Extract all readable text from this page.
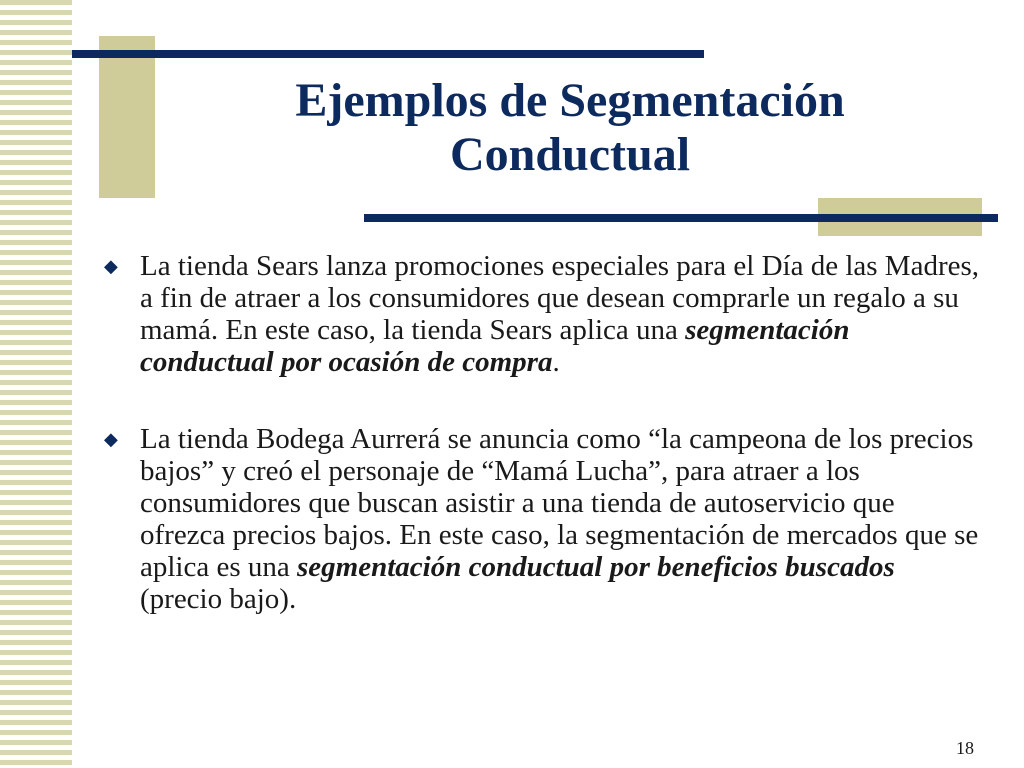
Ejemplos de Segmentación
Conductual
◆ La tienda Sears lanza promociones especiales para el Día de las Madres, a fin de atraer a los consumidores que desean comprarle un regalo a su mamá. En este caso, la tienda Sears aplica una segmentación conductual por ocasión de compra.
◆ La tienda Bodega Aurrerá se anuncia como “la campeona de los precios bajos” y creó el personaje de “Mamá Lucha”, para atraer a los consumidores que buscan asistir a una tienda de autoservicio que ofrezca precios bajos. En este caso, la segmentación de mercados que se aplica es una segmentación conductual por beneficios buscados (precio bajo).
18
